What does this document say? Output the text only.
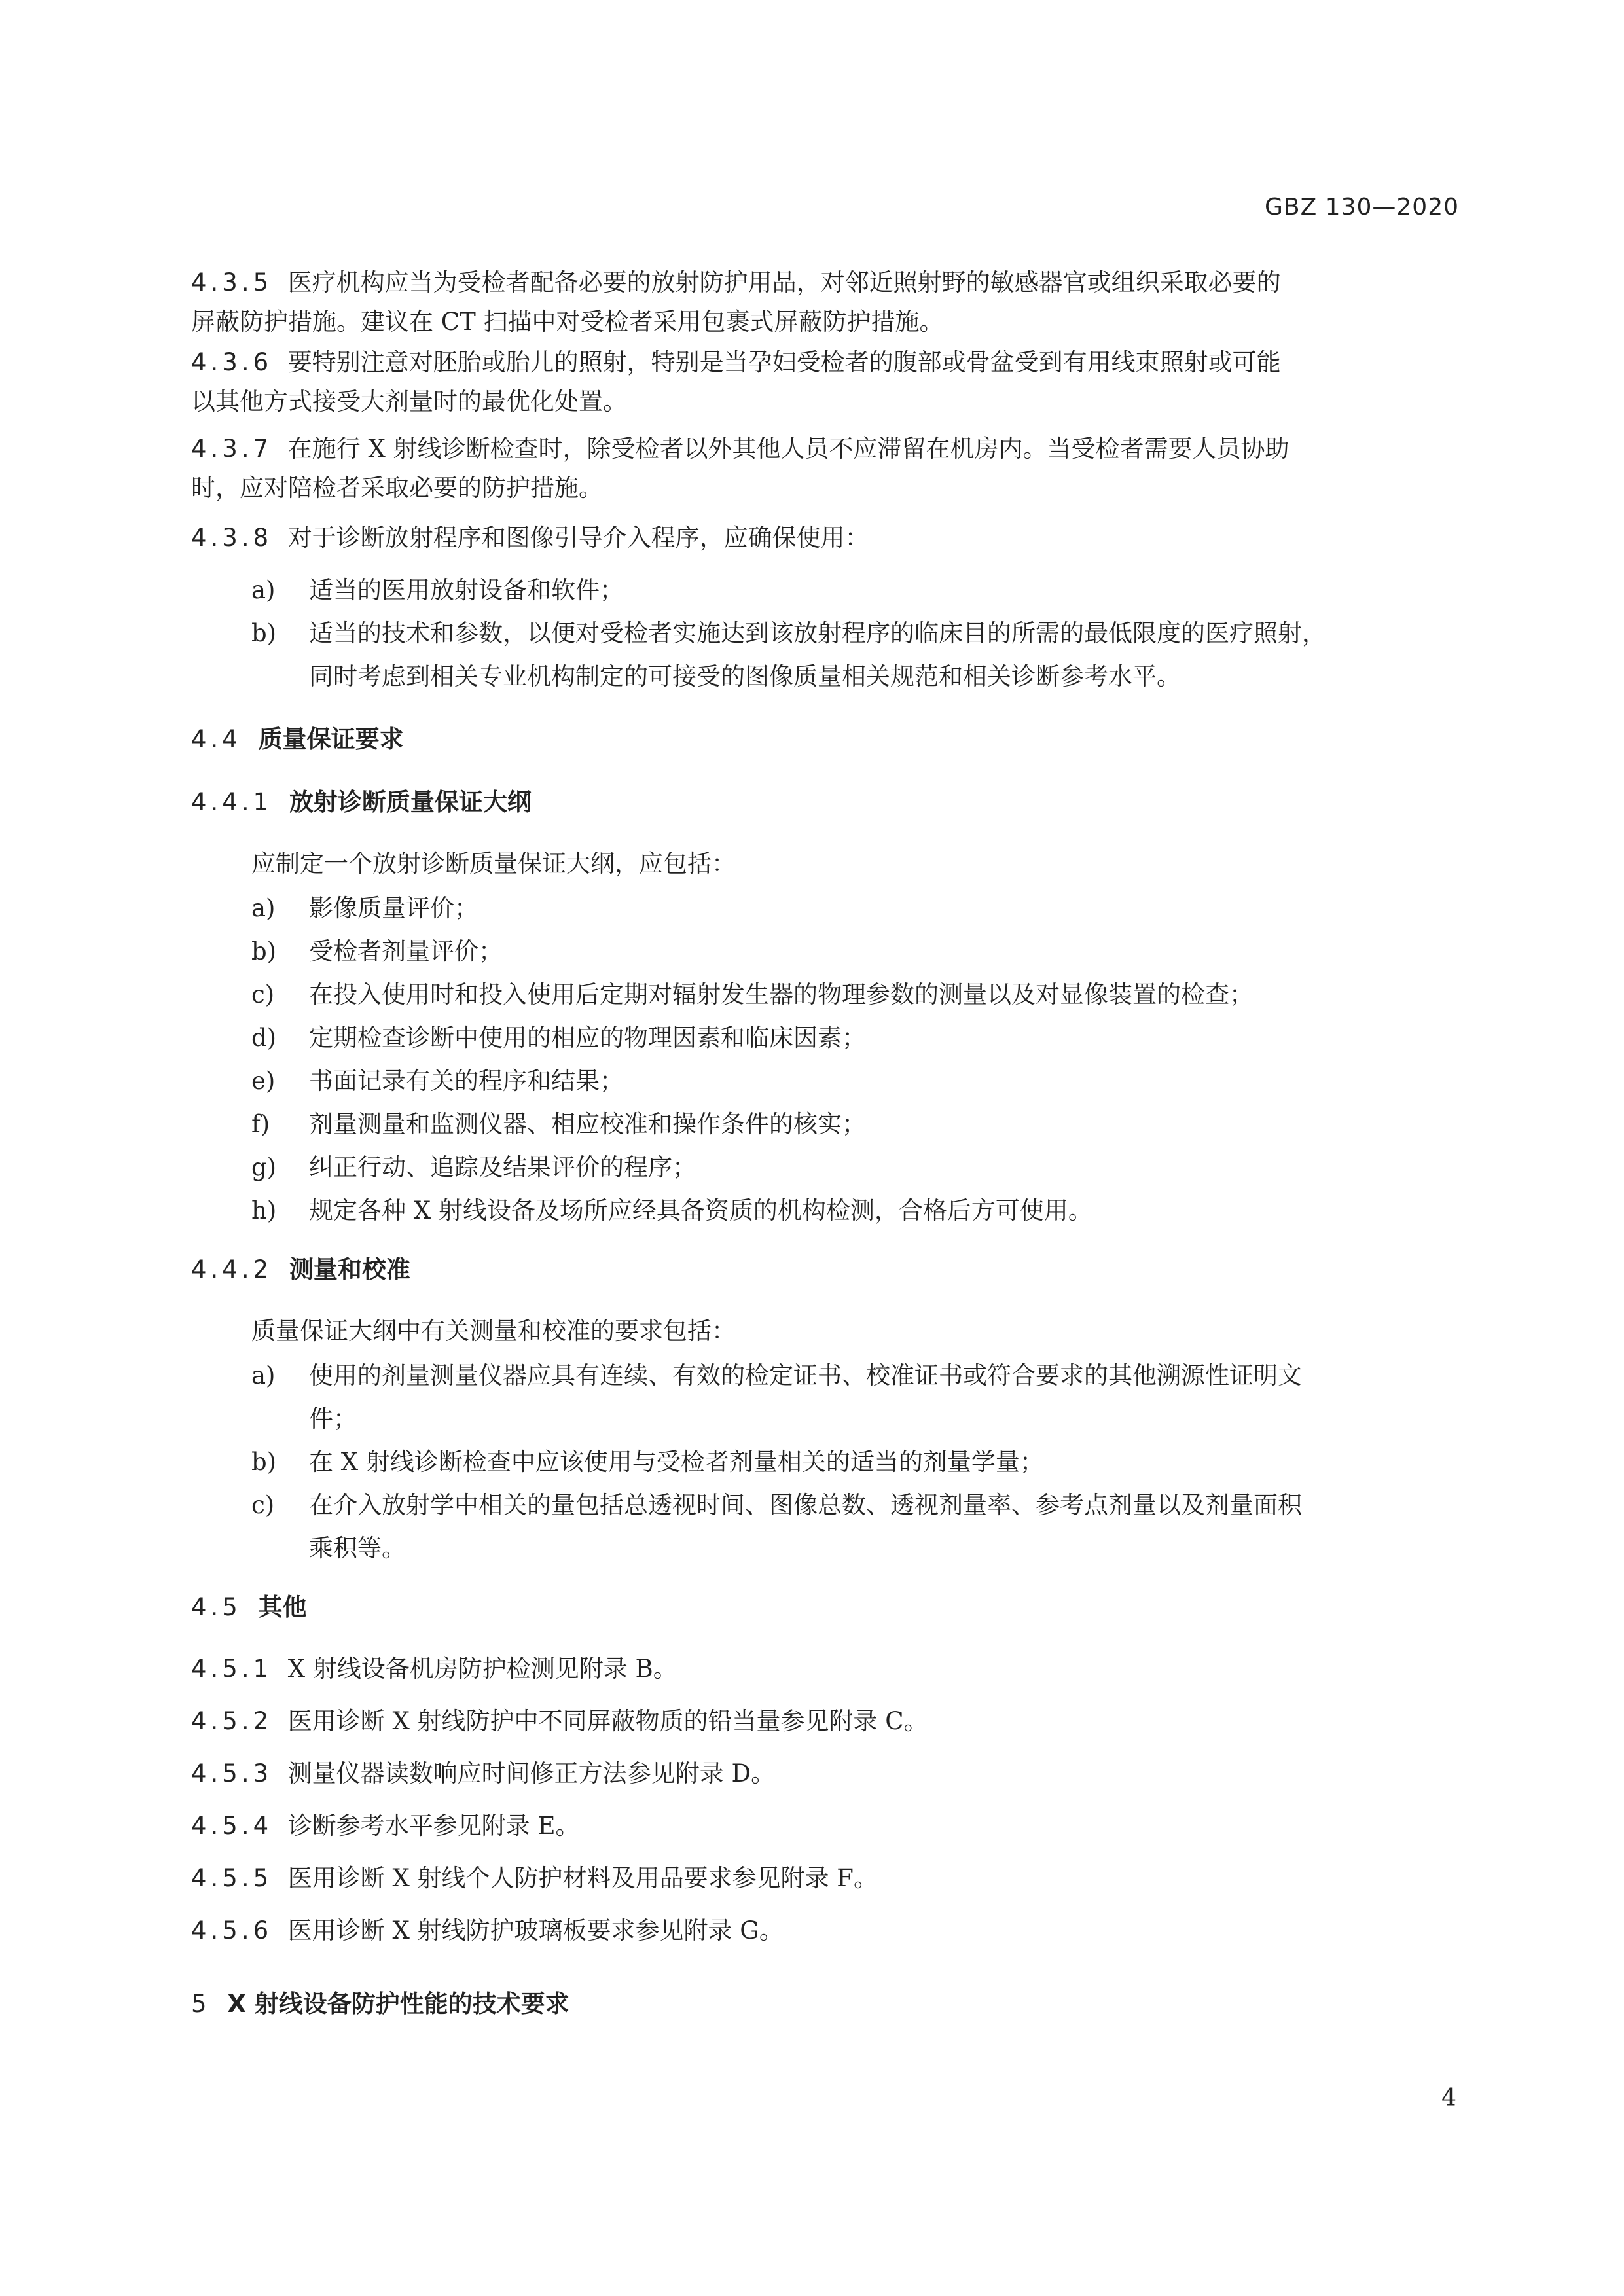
GBZ 130—2020
4.3.5 医疗机构应当为受检者配备必要的放射防护用品，对邻近照射野的敏感器官或组织采取必要的
屏蔽防护措施。建议在 CT 扫描中对受检者采用包裹式屏蔽防护措施。
4.3.6 要特别注意对胚胎或胎儿的照射，特别是当孕妇受检者的腹部或骨盆受到有用线束照射或可能
以其他方式接受大剂量时的最优化处置。
4.3.7 在施行 X 射线诊断检查时，除受检者以外其他人员不应滞留在机房内。当受检者需要人员协助
时，应对陪检者采取必要的防护措施。
4.3.8 对于诊断放射程序和图像引导介入程序，应确保使用：
a) 适当的医用放射设备和软件；
b) 适当的技术和参数，以便对受检者实施达到该放射程序的临床目的所需的最低限度的医疗照射，
同时考虑到相关专业机构制定的可接受的图像质量相关规范和相关诊断参考水平。
4.4 质量保证要求
4.4.1 放射诊断质量保证大纲
应制定一个放射诊断质量保证大纲，应包括：
a) 影像质量评价；
b) 受检者剂量评价；
c) 在投入使用时和投入使用后定期对辐射发生器的物理参数的测量以及对显像装置的检查；
d) 定期检查诊断中使用的相应的物理因素和临床因素；
e) 书面记录有关的程序和结果；
f) 剂量测量和监测仪器、相应校准和操作条件的核实；
g) 纠正行动、追踪及结果评价的程序；
h) 规定各种 X 射线设备及场所应经具备资质的机构检测，合格后方可使用。
4.4.2 测量和校准
质量保证大纲中有关测量和校准的要求包括：
a) 使用的剂量测量仪器应具有连续、有效的检定证书、校准证书或符合要求的其他溯源性证明文
件；
b) 在 X 射线诊断检查中应该使用与受检者剂量相关的适当的剂量学量；
c) 在介入放射学中相关的量包括总透视时间、图像总数、透视剂量率、参考点剂量以及剂量面积
乘积等。
4.5 其他
4.5.1 X 射线设备机房防护检测见附录 B。
4.5.2 医用诊断 X 射线防护中不同屏蔽物质的铅当量参见附录 C。
4.5.3 测量仪器读数响应时间修正方法参见附录 D。
4.5.4 诊断参考水平参见附录 E。
4.5.5 医用诊断 X 射线个人防护材料及用品要求参见附录 F。
4.5.6 医用诊断 X 射线防护玻璃板要求参见附录 G。
5 X 射线设备防护性能的技术要求
4
